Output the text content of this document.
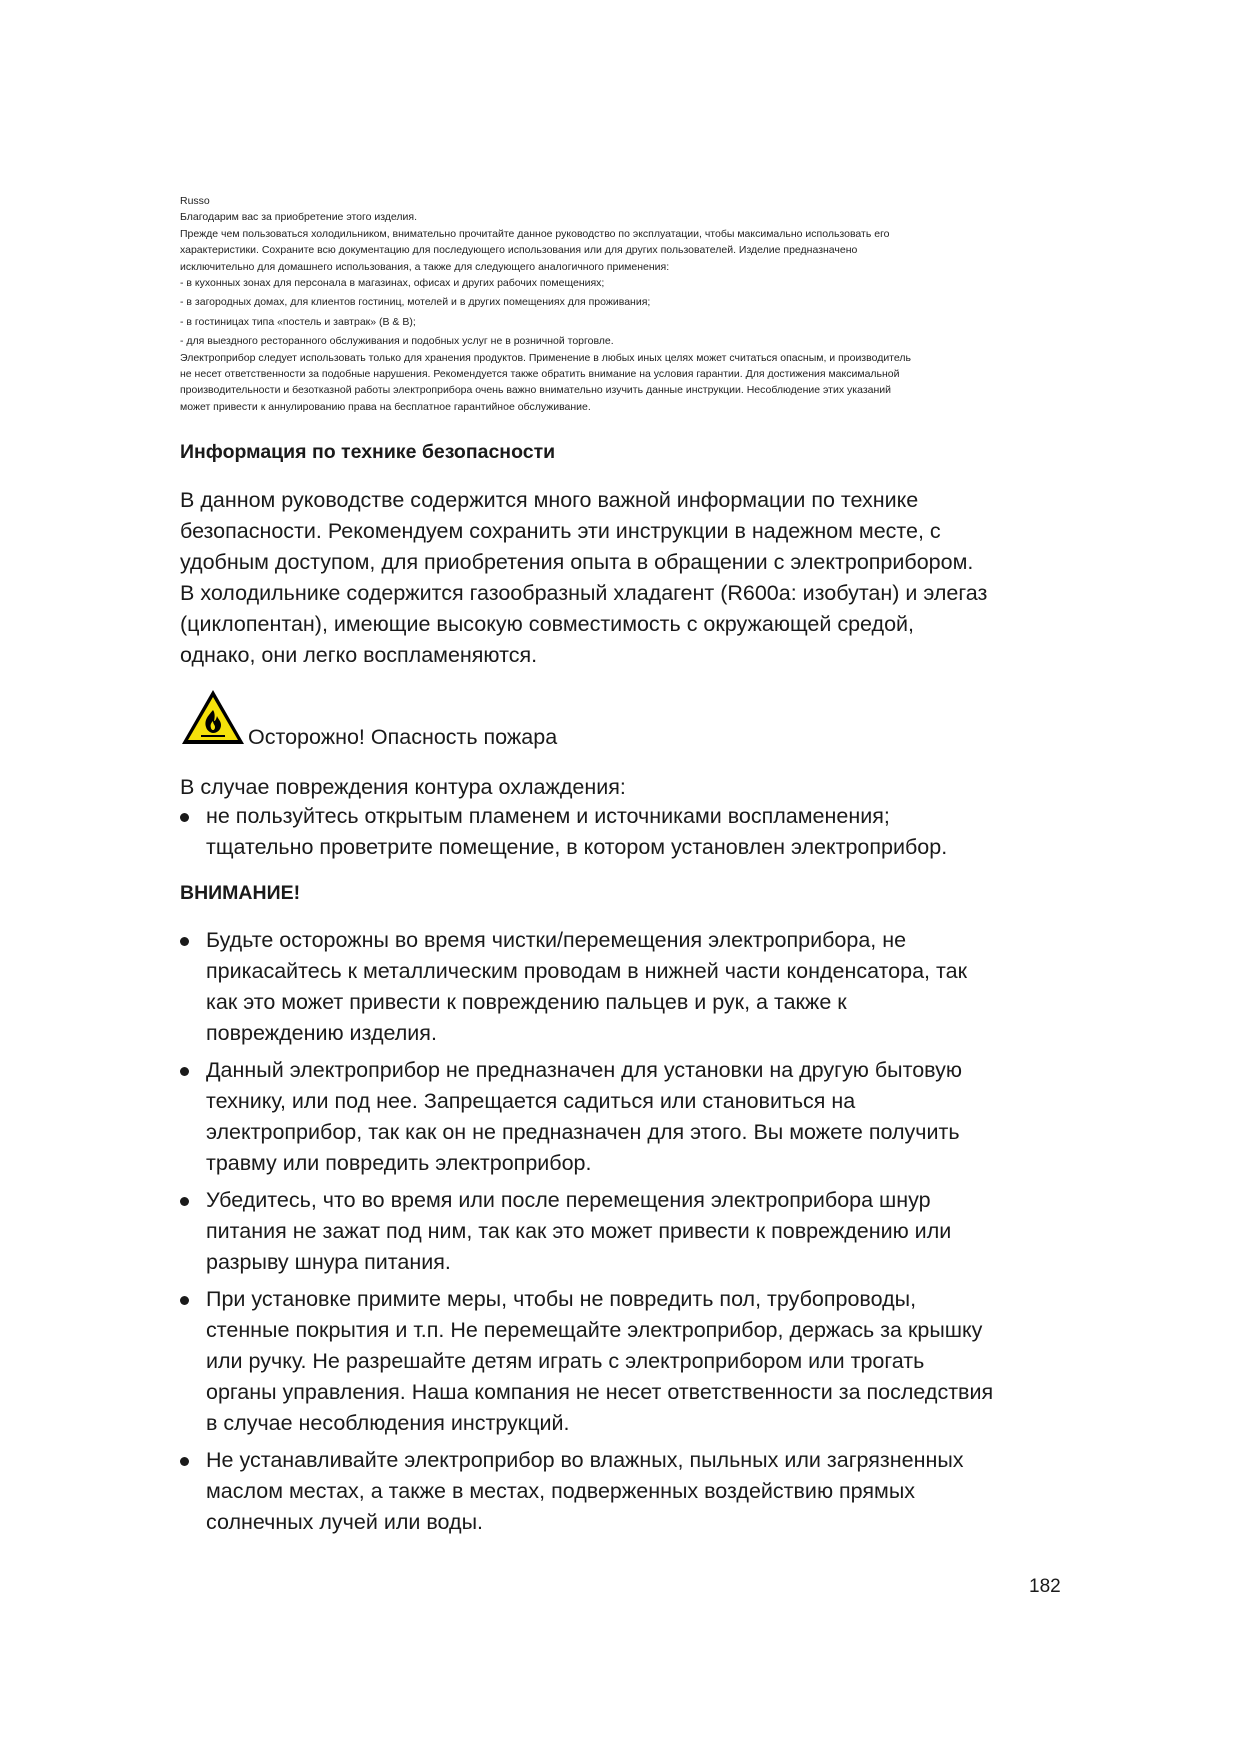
Russo

Благодарим вас за приобретение этого изделия.

Прежде чем пользоваться холодильником, внимательно прочитайте данное руководство по эксплуатации, чтобы максимально использовать его

характеристики. Сохраните всю документацию для последующего использования или для других пользователей. Изделие предназначено

исключительно для домашнего использования, а также для следующего аналогичного применения:

- в кухонных зонах для персонала в магазинах, офисах и других рабочих помещениях;

- в загородных домах, для клиентов гостиниц, мотелей и в других помещениях для проживания;

- в гостиницах типа «постель и завтрак» (B & B);

- для выездного ресторанного обслуживания и подобных услуг не в розничной торговле.

Электроприбор следует использовать только для хранения продуктов. Применение в любых иных целях может считаться опасным, и производитель

не несет ответственности за подобные нарушения. Рекомендуется также обратить внимание на условия гарантии. Для достижения максимальной

производительности и безотказной работы электроприбора очень важно внимательно изучить данные инструкции. Несоблюдение этих указаний

может привести к аннулированию права на бесплатное гарантийное обслуживание.

Информация по технике безопасности

В данном руководстве содержится много важной информации по технике

безопасности. Рекомендуем сохранить эти инструкции в надежном месте, с

удобным доступом, для приобретения опыта в обращении с электроприбором.

В холодильнике содержится газообразный хладагент (R600a: изобутан) и элегаз

(циклопентан), имеющие высокую совместимость с окружающей средой,

однако, они легко воспламеняются.

Осторожно! Опасность пожара

В случае повреждения контура охлаждения:

не пользуйтесь открытым пламенем и источниками воспламенения;
тщательно проветрите помещение, в котором установлен электроприбор.
ВНИМАНИЕ!
Будьте осторожны во время чистки/перемещения электроприбора, не
прикасайтесь к металлическим проводам в нижней части конденсатора, так
как это может привести к повреждению пальцев и рук, а также к
повреждению изделия.
Данный электроприбор не предназначен для установки на другую бытовую
технику, или под нее. Запрещается садиться или становиться на
электроприбор, так как он не предназначен для этого. Вы можете получить
травму или повредить электроприбор.
Убедитесь, что во время или после перемещения электроприбора шнур
питания не зажат под ним, так как это может привести к повреждению или
разрыву шнура питания.
При установке примите меры, чтобы не повредить пол, трубопроводы,
стенные покрытия и т.п. Не перемещайте электроприбор, держась за крышку
или ручку. Не разрешайте детям играть с электроприбором или трогать
органы управления. Наша компания не несет ответственности за последствия
в случае несоблюдения инструкций.
Не устанавливайте электроприбор во влажных, пыльных или загрязненных
маслом местах, а также в местах, подверженных воздействию прямых
солнечных лучей или воды.
182
